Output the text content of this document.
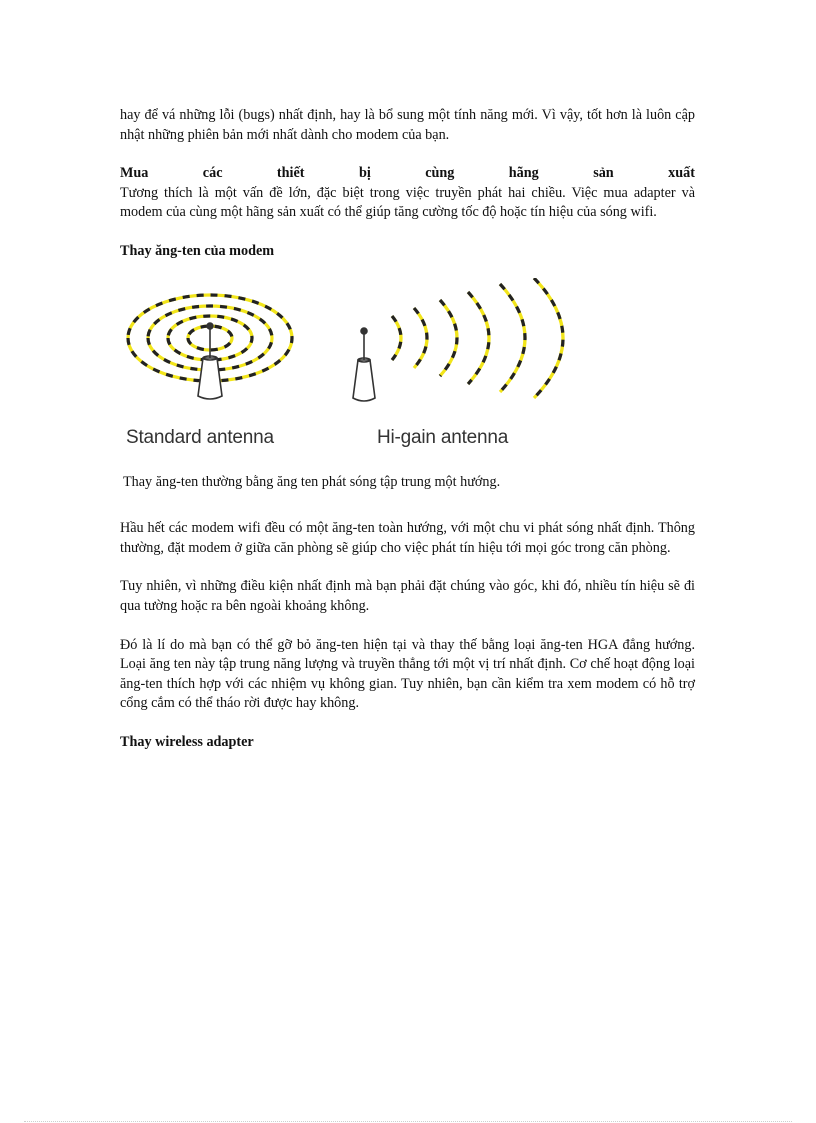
hay để vá những lỗi (bugs) nhất định, hay là bổ sung một tính năng mới. Vì vậy, tốt hơn là luôn cập nhật những phiên bản mới nhất dành cho modem của bạn.

Mua	các	thiết	bị	cùng	hãng	sản	xuất

Tương thích là một vấn đề lớn, đặc biệt trong việc truyền phát hai chiều. Việc mua adapter và modem của cùng một hãng sản xuất có thể giúp tăng cường tốc độ hoặc tín hiệu của sóng wifi.

Thay ăng-ten của modem

Standard antenna	Hi-gain antenna

Thay ăng-ten thường bằng ăng ten phát sóng tập trung một hướng.

Hầu hết các modem wifi đều có một ăng-ten toàn hướng, với một chu vi phát sóng nhất định. Thông thường, đặt modem ở giữa căn phòng sẽ giúp cho việc phát tín hiệu tới mọi góc trong căn phòng.

Tuy nhiên, vì những điều kiện nhất định mà bạn phải đặt chúng vào góc, khi đó, nhiều tín hiệu sẽ đi qua tường hoặc ra bên ngoài khoảng không.

Đó là lí do mà bạn có thể gỡ bỏ ăng-ten hiện tại và thay thế bằng loại ăng-ten HGA đẳng hướng. Loại ăng ten này tập trung năng lượng và truyền thẳng tới một vị trí nhất định. Cơ chế hoạt động loại ăng-ten thích hợp với các nhiệm vụ không gian. Tuy nhiên, bạn cần kiểm tra xem modem có hỗ trợ cổng cắm có thể tháo rời được hay không.

Thay wireless adapter
